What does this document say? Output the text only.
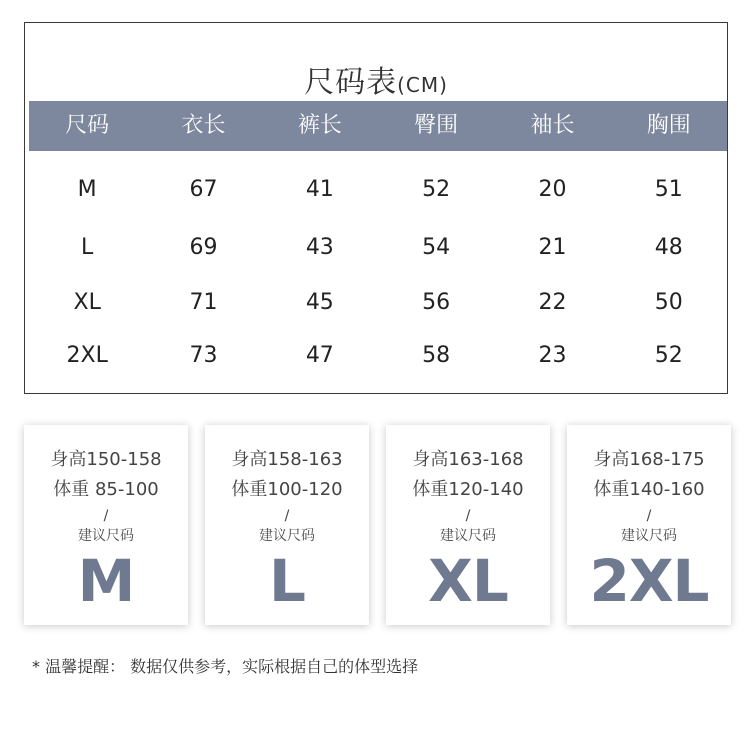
尺码表(CM)
尺码	衣长	裤长	臀围	袖长	胸围
M	67	41	52	20	51
L	69	43	54	21	48
XL	71	45	56	22	50
2XL	73	47	58	23	52
身高150-158
体重 85-100
/
建议尺码
M
身高158-163
体重100-120
/
建议尺码
L
身高163-168
体重120-140
/
建议尺码
XL
身高168-175
体重140-160
/
建议尺码
2XL
* 温馨提醒： 数据仅供参考，实际根据自己的体型选择
